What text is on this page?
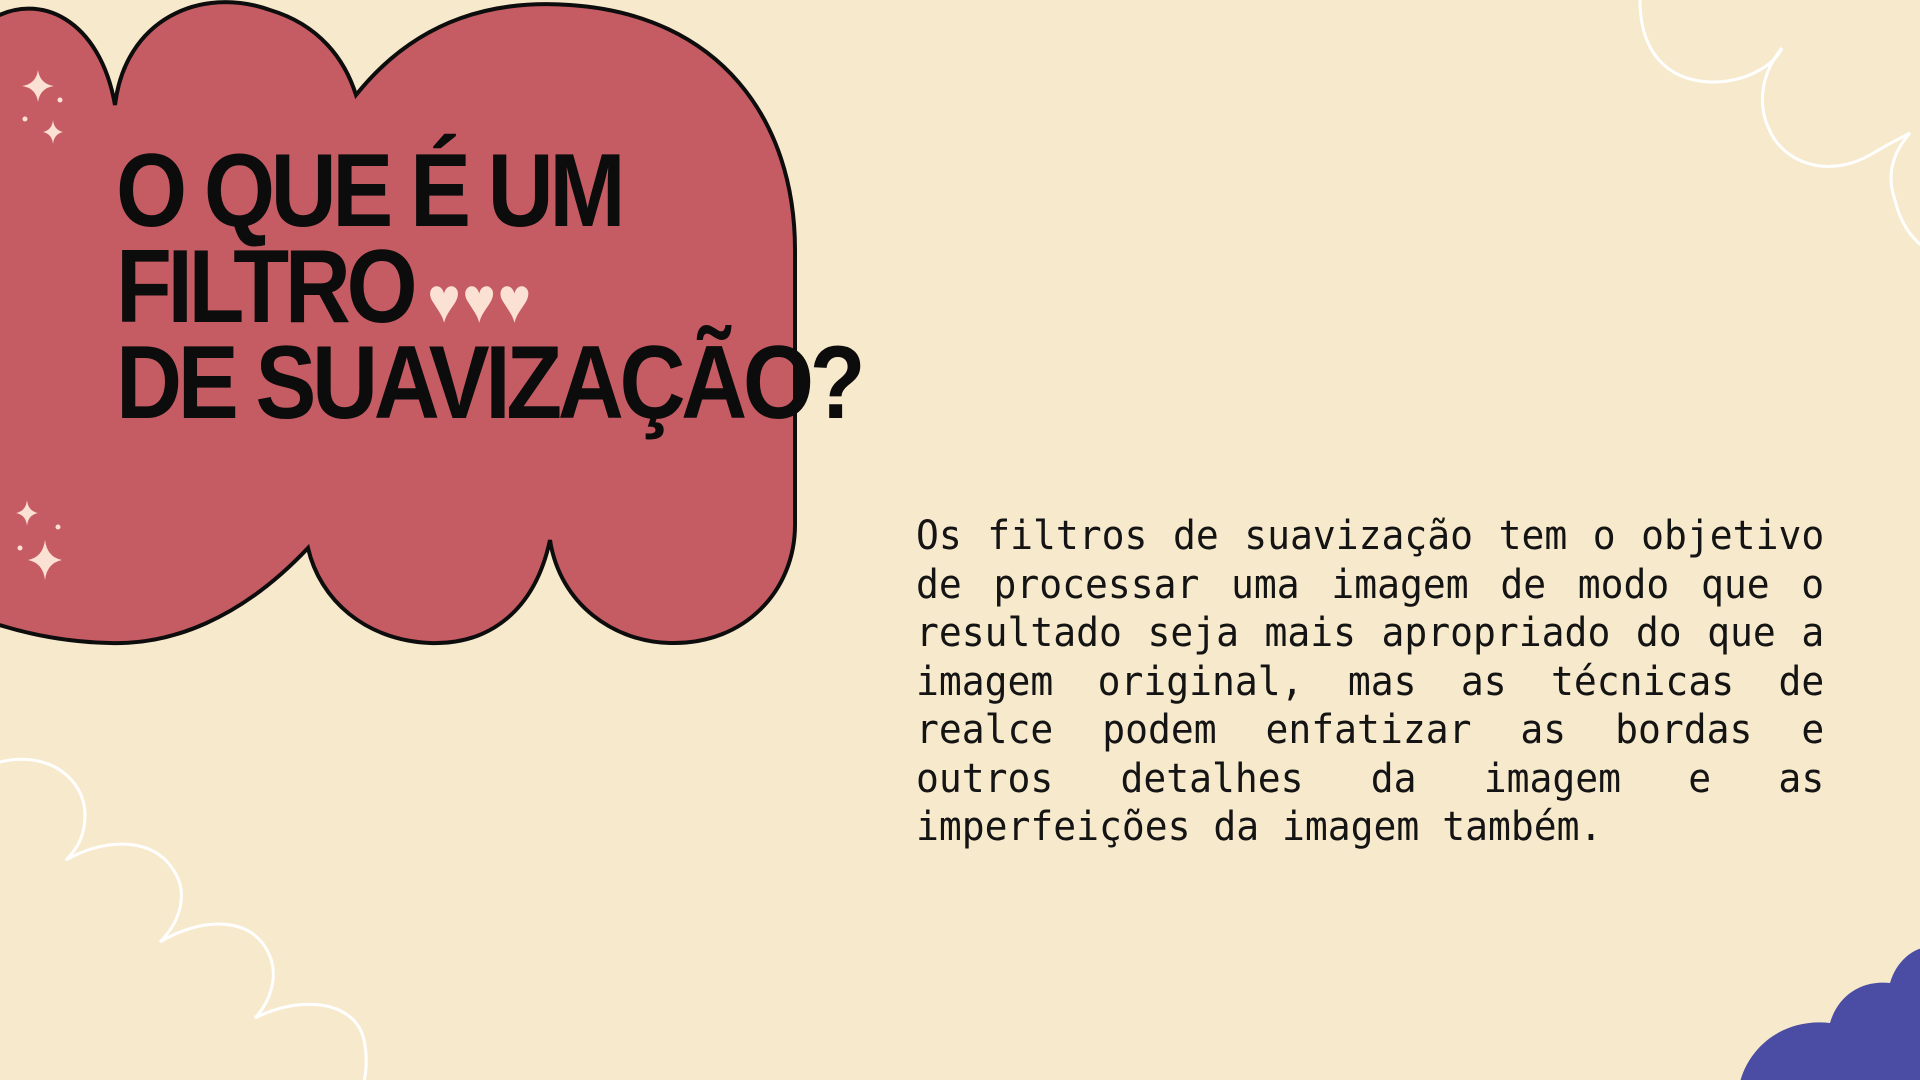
O QUE É UM
FILTRO ♥♥♥
DE SUAVIZAÇÃO?

Os filtros de suavização tem o objetivo de processar uma imagem de modo que o resultado seja mais apropriado do que a imagem original, mas as técnicas de realce podem enfatizar as bordas e outros detalhes da imagem e as imperfeições da imagem também.
